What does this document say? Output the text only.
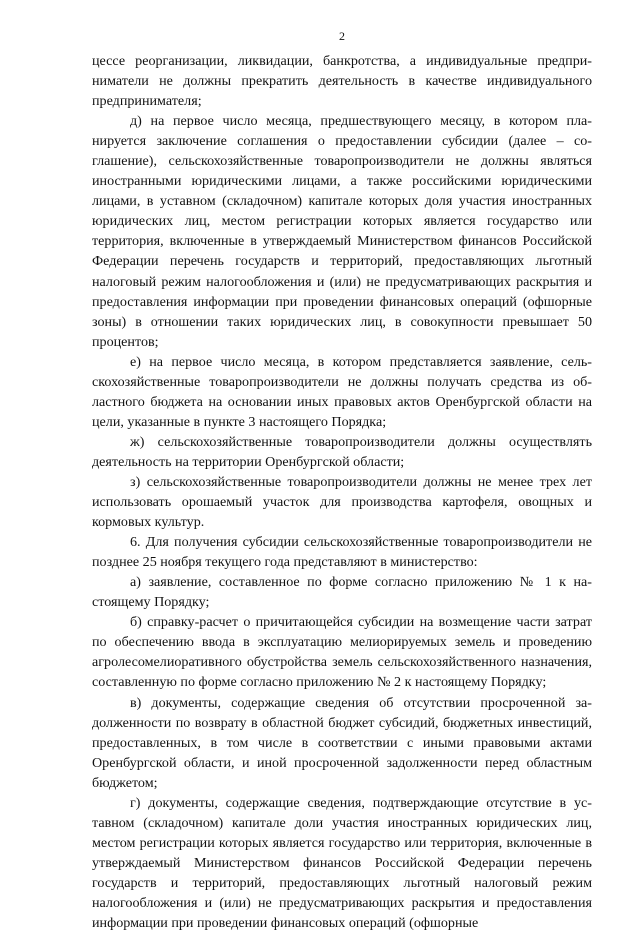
2

цессе реорганизации, ликвидации, банкротства, а индивидуальные предприниматели не должны прекратить деятельность в качестве индивидуального предпринимателя;

д) на первое число месяца, предшествующего месяцу, в котором планируется заключение соглашения о предоставлении субсидии (далее – соглашение), сельскохозяйственные товаропроизводители не должны являться иностранными юридическими лицами, а также российскими юридическими лицами, в уставном (складочном) капитале которых доля участия иностранных юридических лиц, местом регистрации которых является государство или территория, включенные в утверждаемый Министерством финансов Российской Федерации перечень государств и территорий, предоставляющих льготный налоговый режим налогообложения и (или) не предусматривающих раскрытия и предоставления информации при проведении финансовых операций (офшорные зоны) в отношении таких юридических лиц, в совокупности превышает 50 процентов;

е) на первое число месяца, в котором представляется заявление, сельскохозяйственные товаропроизводители не должны получать средства из областного бюджета на основании иных правовых актов Оренбургской области на цели, указанные в пункте 3 настоящего Порядка;

ж) сельскохозяйственные товаропроизводители должны осуществлять деятельность на территории Оренбургской области;

з) сельскохозяйственные товаропроизводители должны не менее трех лет использовать орошаемый участок для производства картофеля, овощных и кормовых культур.

6. Для получения субсидии сельскохозяйственные товаропроизводители не позднее 25 ноября текущего года представляют в министерство:

а) заявление, составленное по форме согласно приложению № 1 к настоящему Порядку;

б) справку-расчет о причитающейся субсидии на возмещение части затрат по обеспечению ввода в эксплуатацию мелиорируемых земель и проведению агролесомелиоративного обустройства земель сельскохозяйственного назначения, составленную по форме согласно приложению № 2 к настоящему Порядку;

в) документы, содержащие сведения об отсутствии просроченной задолженности по возврату в областной бюджет субсидий, бюджетных инвестиций, предоставленных, в том числе в соответствии с иными правовыми актами Оренбургской области, и иной просроченной задолженности перед областным бюджетом;

г) документы, содержащие сведения, подтверждающие отсутствие в уставном (складочном) капитале доли участия иностранных юридических лиц, местом регистрации которых является государство или территория, включенные в утверждаемый Министерством финансов Российской Федерации перечень государств и территорий, предоставляющих льготный налоговый режим налогообложения и (или) не предусматривающих раскрытия и предоставления информации при проведении финансовых операций (офшорные
